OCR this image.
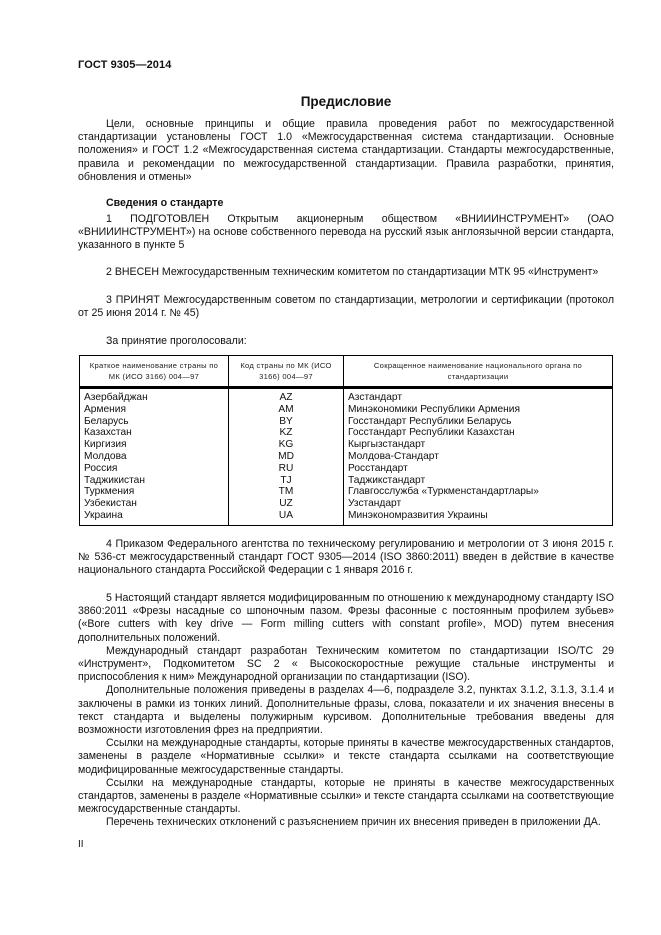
ГОСТ 9305—2014
Предисловие

Цели, основные принципы и общие правила проведения работ по межгосударственной стандартизации установлены ГОСТ 1.0 «Межгосударственная система стандартизации. Основные положения» и ГОСТ 1.2 «Межгосударственная система стандартизации. Стандарты межгосударственные, правила и рекомендации по межгосударственной стандартизации. Правила разработки, принятия, обновления и отмены»

Сведения о стандарте

1 ПОДГОТОВЛЕН Открытым акционерным обществом «ВНИИИНСТРУМЕНТ» (ОАО «ВНИИИНСТРУМЕНТ») на основе собственного перевода на русский язык англоязычной версии стандарта, указанного в пункте 5

2 ВНЕСЕН Межгосударственным техническим комитетом по стандартизации МТК 95 «Инструмент»

3 ПРИНЯТ Межгосударственным советом по стандартизации, метрологии и сертификации (протокол от 25 июня 2014 г. № 45)

За принятие проголосовали:

Краткое наименование страны по МК (ИСО 3166) 004—97	Код страны по МК (ИСО 3166) 004—97	Сокращенное наименование национального органа по стандартизации
Азербайджан	AZ	Азстандарт
Армения	AM	Минэкономики Республики Армения
Беларусь	BY	Госстандарт Республики Беларусь
Казахстан	KZ	Госстандарт Республики Казахстан
Киргизия	KG	Кыргызстандарт
Молдова	MD	Молдова-Стандарт
Россия	RU	Росстандарт
Таджикистан	TJ	Таджикстандарт
Туркмения	TM	Главгосслужба «Туркменстандартлары»
Узбекистан	UZ	Узстандарт
Украина	UA	Минэкономразвития Украины

4 Приказом Федерального агентства по техническому регулированию и метрологии от 3 июня 2015 г. № 536-ст межгосударственный стандарт ГОСТ 9305—2014 (ISO 3860:2011) введен в действие в качестве национального стандарта Российской Федерации с 1 января 2016 г.

5 Настоящий стандарт является модифицированным по отношению к международному стандарту ISO 3860:2011 «Фрезы насадные со шпоночным пазом. Фрезы фасонные с постоянным профилем зубьев» («Bore cutters with key drive — Form milling cutters with constant profile», MOD) путем внесения дополнительных положений.

Международный стандарт разработан Техническим комитетом по стандартизации ISO/TC 29 «Инструмент», Подкомитетом SC 2 « Высокоскоростные режущие стальные инструменты и приспособления к ним» Международной организации по стандартизации (ISO).

Дополнительные положения приведены в разделах 4—6, подразделе 3.2, пунктах 3.1.2, 3.1.3, 3.1.4 и заключены в рамки из тонких линий. Дополнительные фразы, слова, показатели и их значения внесены в текст стандарта и выделены полужирным курсивом. Дополнительные требования введены для возможности изготовления фрез на предприятии.

Ссылки на международные стандарты, которые приняты в качестве межгосударственных стандартов, заменены в разделе «Нормативные ссылки» и тексте стандарта ссылками на соответствующие модифицированные межгосударственные стандарты.

Ссылки на международные стандарты, которые не приняты в качестве межгосударственных стандартов, заменены в разделе «Нормативные ссылки» и тексте стандарта ссылками на соответствующие межгосударственные стандарты.

Перечень технических отклонений с разъяснением причин их внесения приведен в приложении ДА.

II
